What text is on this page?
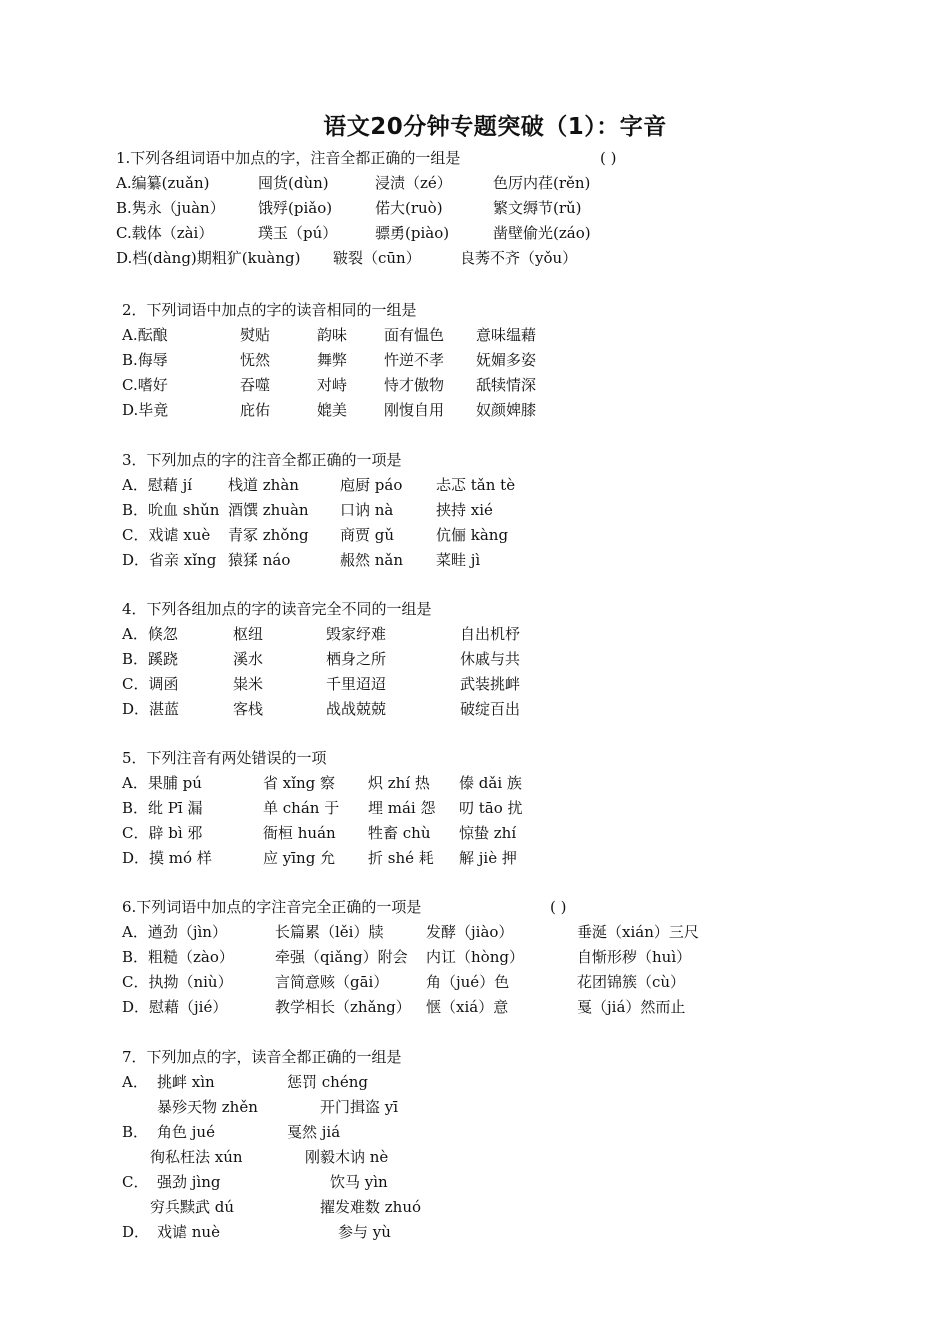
语文20分钟专题突破（1）：字音
1.下列各组词语中加点的字，注音全都正确的一组是	( )
A.编纂(zuǎn)	囤货(dùn)	浸渍（zé）	色厉内荏(rěn)
B.隽永（juàn） 饿殍(piǎo)	偌大(ruò)	繁文缛节(rǔ)
C.载体（zài）	璞玉（pú）	骠勇(piào)	凿壁偷光(záo)
D.档(dàng)期粗犷(kuàng) 皲裂（cūn）	良莠不齐（yǒu）
2．下列词语中加点的字的读音相同的一组是
A.酝酿	熨贴	韵味 面有愠色 意味缊藉
B.侮辱	怃然	舞弊 忤逆不孝 妩媚多姿
C.嗜好	吞噬	对峙 恃才傲物 舐犊情深
D.毕竟	庇佑	媲美 刚愎自用 奴颜婢膝
3．下列加点的字的注音全都正确的一项是
A．慰藉 jí 栈道 zhàn	庖厨 páo 忐忑 tǎn tè
B．吮血 shǔn 酒馔 zhuàn 口讷 nà	挟持 xié
C．戏谑 xuè 青冢 zhǒng 商贾 gǔ	伉俪 kàng
D．省亲 xǐng 猿猱 náo	赧然 nǎn 菜畦 jì
4．下列各组加点的字的读音完全不同的一组是
A．倏忽	枢纽	毁家纾难	自出机杼
B．蹊跷	溪水	栖身之所	休戚与共
C．调函	粜米	千里迢迢	武装挑衅
D．湛蓝	客栈	战战兢兢	破绽百出
5．下列注音有两处错误的一项
A．果脯 pú	省 xǐng 察 炽 zhí 热 傣 dǎi 族
B．纰 Pī 漏	单 chán 于 埋 mái 怨 叨 tāo 扰
C．辟 bì 邪	衙桓 huán 牲畜 chù 惊蛰 zhí
D．摸 mó 样	应 yīng 允 折 shé 耗 解 jiè 押
6.下列词语中加点的字注音完全正确的一项是	( )
A．遒劲（jìn）	长篇累（lěi）牍	发酵（jiào）	垂涎（xián）三尺
B．粗糙（zào）	牵强（qiǎng）附会 内讧（hòng）	自惭形秽（huì）
C．执拗（niù）	言简意赅（gāi）	角（jué）色	花团锦簇（cù）
D．慰藉（jié）	教学相长（zhǎng） 惬（xiá）意	戛（jiá）然而止
7．下列加点的字，读音全都正确的一组是
A． 挑衅 xìn	惩罚 chéng
暴殄天物 zhěn	开门揖盗 yī
B． 角色 jué	戛然 jiá
徇私枉法 xún	刚毅木讷 nè
C． 强劲 jìng	饮马 yìn
穷兵黩武 dú	擢发难数 zhuó
D． 戏谑 nuè	参与 yù
